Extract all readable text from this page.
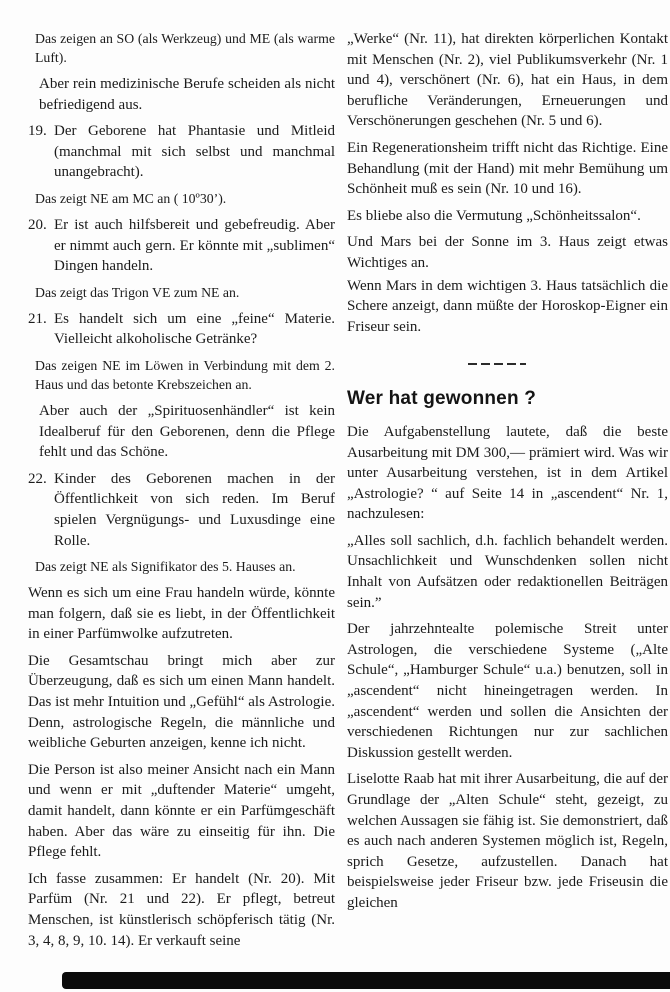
Das zeigen an SO (als Werkzeug) und ME (als warme Luft).

Aber rein medizinische Berufe scheiden als nicht befriedigend aus.

19. Der Geborene hat Phantasie und Mitleid (manchmal mit sich selbst und manchmal unangebracht).

Das zeigt NE am MC an ( 10º30’).

20. Er ist auch hilfsbereit und gebefreudig. Aber er nimmt auch gern. Er könnte mit „sublimen“ Dingen handeln.

Das zeigt das Trigon VE zum NE an.

21. Es handelt sich um eine „feine“ Materie. Vielleicht alkoholische Getränke?

Das zeigen NE im Löwen in Verbindung mit dem 2. Haus und das betonte Krebszeichen an.

Aber auch der „Spirituosenhändler“ ist kein Idealberuf für den Geborenen, denn die Pflege fehlt und das Schöne.

22. Kinder des Geborenen machen in der Öffentlichkeit von sich reden. Im Beruf spielen Vergnügungs- und Luxusdinge eine Rolle.

Das zeigt NE als Signifikator des 5. Hauses an.

Wenn es sich um eine Frau handeln würde, könnte man folgern, daß sie es liebt, in der Öffentlichkeit in einer Parfümwolke aufzutreten.

Die Gesamtschau bringt mich aber zur Überzeugung, daß es sich um einen Mann handelt. Das ist mehr Intuition und „Gefühl“ als Astrologie. Denn, astrologische Regeln, die männliche und weibliche Geburten anzeigen, kenne ich nicht.

Die Person ist also meiner Ansicht nach ein Mann und wenn er mit „duftender Materie“ umgeht, damit handelt, dann könnte er ein Parfümgeschäft haben. Aber das wäre zu einseitig für ihn. Die Pflege fehlt.

Ich fasse zusammen: Er handelt (Nr. 20). Mit Parfüm (Nr. 21 und 22). Er pflegt, betreut Menschen, ist künstlerisch schöpferisch tätig (Nr. 3, 4, 8, 9, 10. 14). Er verkauft seine

„Werke“ (Nr. 11), hat direkten körperlichen Kontakt mit Menschen (Nr. 2), viel Publikumsverkehr (Nr. 1 und 4), verschönert (Nr. 6), hat ein Haus, in dem berufliche Veränderungen, Erneuerungen und Verschönerungen geschehen (Nr. 5 und 6).

Ein Regenerationsheim trifft nicht das Richtige. Eine Behandlung (mit der Hand) mit mehr Bemühung um Schönheit muß es sein (Nr. 10 und 16).

Es bliebe also die Vermutung „Schönheitssalon“.

Und Mars bei der Sonne im 3. Haus zeigt etwas Wichtiges an.

Wenn Mars in dem wichtigen 3. Haus tatsächlich die Schere anzeigt, dann müßte der Horoskop-Eigner ein Friseur sein.

Wer hat gewonnen ?

Die Aufgabenstellung lautete, daß die beste Ausarbeitung mit DM 300,— prämiert wird. Was wir unter Ausarbeitung verstehen, ist in dem Artikel „Astrologie? “ auf Seite 14 in „ascendent“ Nr. 1, nachzulesen:

„Alles soll sachlich, d.h. fachlich behandelt werden. Unsachlichkeit und Wunschdenken sollen nicht Inhalt von Aufsätzen oder redaktionellen Beiträgen sein.”

Der jahrzehntealte polemische Streit unter Astrologen, die verschiedene Systeme („Alte Schule“, „Hamburger Schule“ u.a.) benutzen, soll in „ascendent“ nicht hineingetragen werden. In „ascendent“ werden und sollen die Ansichten der verschiedenen Richtungen nur zur sachlichen Diskussion gestellt werden.

Liselotte Raab hat mit ihrer Ausarbeitung, die auf der Grundlage der „Alten Schule“ steht, gezeigt, zu welchen Aussagen sie fähig ist. Sie demonstriert, daß es auch nach anderen Systemen möglich ist, Regeln, sprich Gesetze, aufzustellen. Danach hat beispielsweise jeder Friseur bzw. jede Friseusin die gleichen
